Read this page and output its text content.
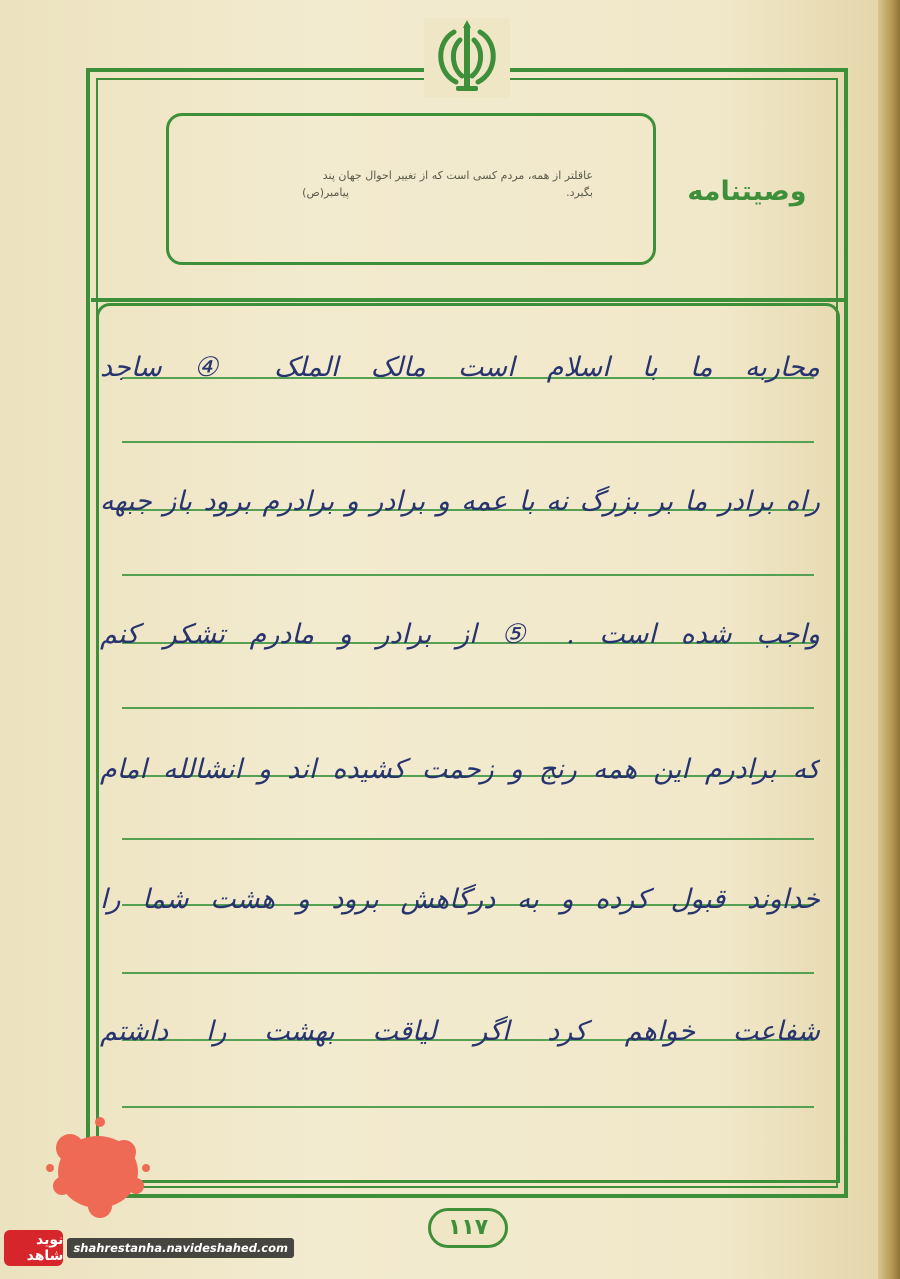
عاقلتر از همه، مردم کسی است که از تغییر احوال جهان پند
بگیرد.  پیامبر(ص)	وصیتنامه
محاربه ما با اسلام است مالک الملک ④ ساجد
راه برادر ما بر بزرگ نه با عمه و برادر و برادرم برود باز جبهه
واجب شده است . ⑤ از برادر و مادرم تشکر کنم
که برادرم این همه رنج و زحمت کشیده اند و انشالله امام
خداوند قبول کرده و به درگاهش برود و هشت شما را
شفاعت خواهم کرد اگر لیاقت بهشت را داشتم
۱۱۷
نوید شاهد shahrestanha.navideshahed.com
